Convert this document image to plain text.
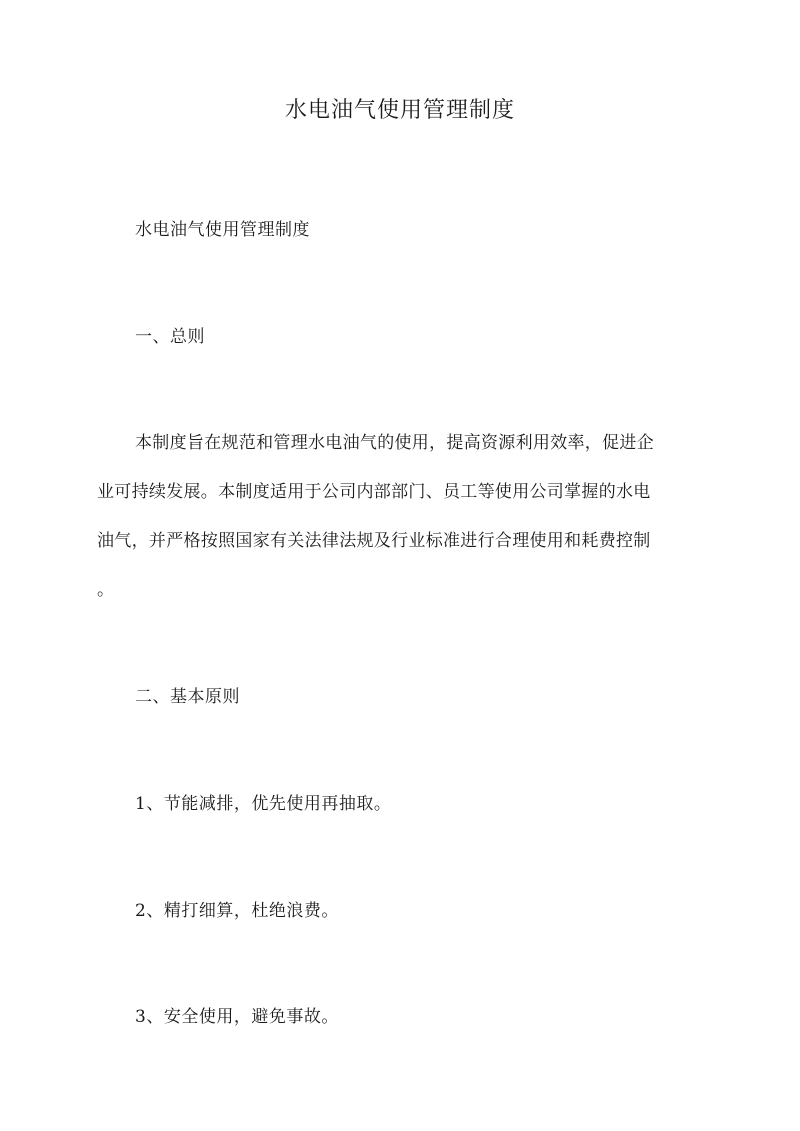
水电油气使用管理制度
水电油气使用管理制度
一、总则
本制度旨在规范和管理水电油气的使用，提高资源利用效率，促进企
业可持续发展。本制度适用于公司内部部门、员工等使用公司掌握的水电
油气，并严格按照国家有关法律法规及行业标准进行合理使用和耗费控制
。
二、基本原则
1、节能减排，优先使用再抽取。
2、精打细算，杜绝浪费。
3、安全使用，避免事故。
